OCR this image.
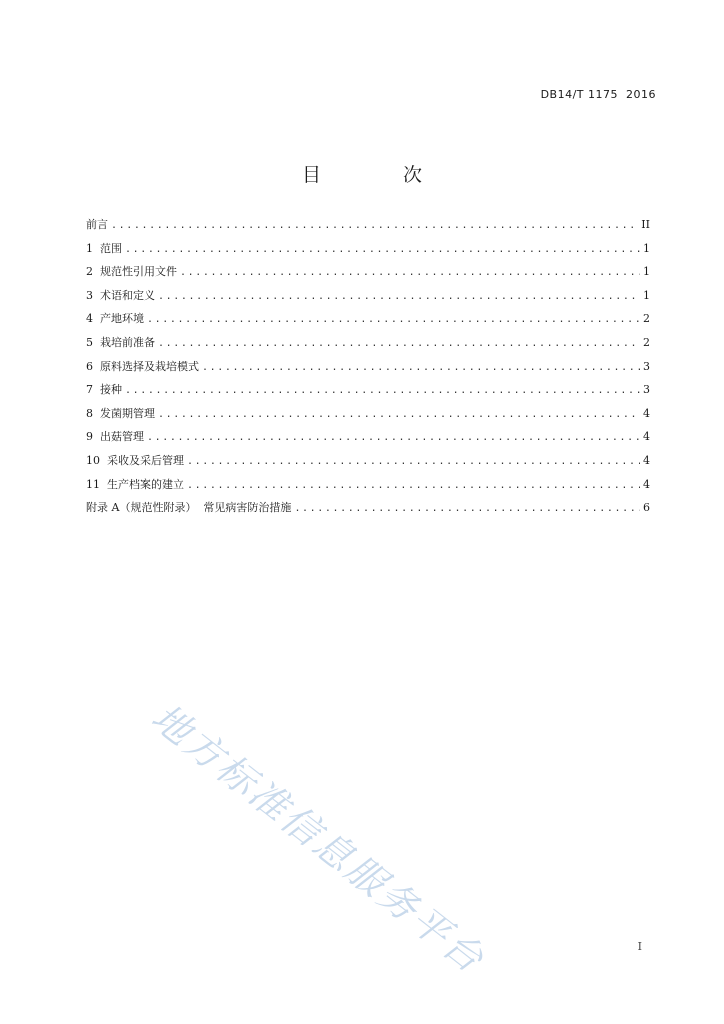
DB14/T 1175  2016
目 次
前言 .....	II
1  范围 .....	1
2  规范性引用文件 .....	1
3  术语和定义 .....	1
4  产地环境 .....	2
5  栽培前准备 .....	2
6  原料选择及栽培模式 .....	3
7  接种 .....	3
8  发菌期管理 .....	4
9  出菇管理 .....	4
10  采收及采后管理 .....	4
11  生产档案的建立 .....	4
附录 A（规范性附录）  常见病害防治措施 .....	6
地方标准信息服务平台	I
